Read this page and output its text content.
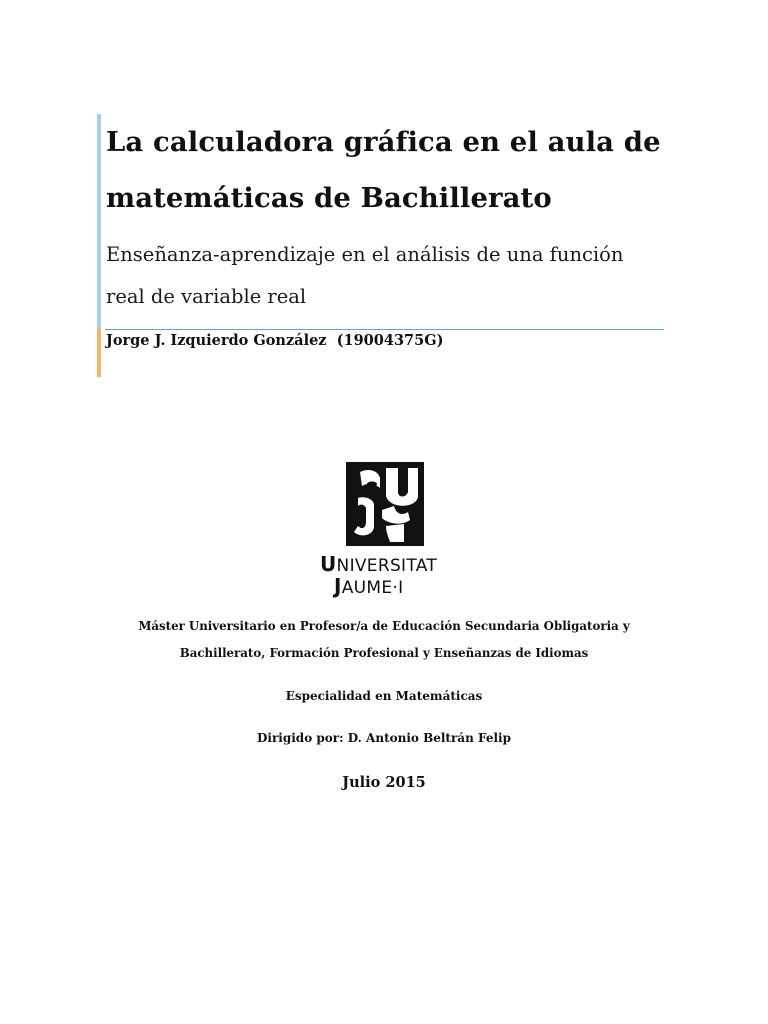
La calculadora gráfica en el aula de
matemáticas de Bachillerato

Enseñanza-aprendizaje en el análisis de una función
real de variable real

Jorge J. Izquierdo González  (19004375G)

UNIVERSITAT
JAUME·I

Máster Universitario en Profesor/a de Educación Secundaria Obligatoria y
Bachillerato, Formación Profesional y Enseñanzas de Idiomas

Especialidad en Matemáticas

Dirigido por: D. Antonio Beltrán Felip

Julio 2015
